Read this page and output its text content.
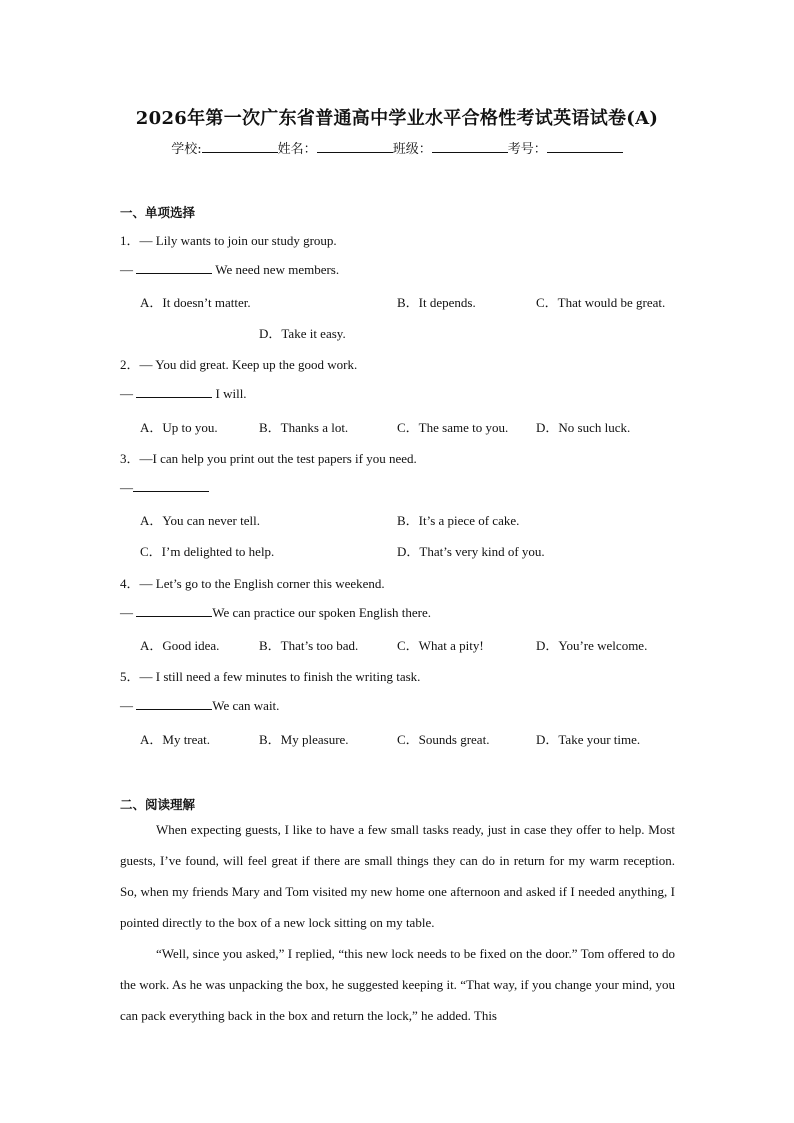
2026年第一次广东省普通高中学业水平合格性考试英语试卷(A)
学校:	姓名：	班级：	考号：
一、单项选择
1．— Lily wants to join our study group.
—	We need new members.
A．It doesn’t matter.	B．It depends.	C．That would be great.
D．Take it easy.
2．— You did great. Keep up the good work.
—	I will.
A．Up to you.	B．Thanks a lot.	C．The same to you. D．No such luck.
3．—I can help you print out the test papers if you need.
—
A．You can never tell.	B．It’s a piece of cake.
C．I’m delighted to help.	D．That’s very kind of you.
4．— Let’s go to the English corner this weekend.
—	We can practice our spoken English there.
A．Good idea.	B．That’s too bad.	C．What a pity!	D．You’re welcome.
5．— I still need a few minutes to finish the writing task.
—	We can wait.
A．My treat.	B．My pleasure.	C．Sounds great.	D．Take your time.
二、阅读理解
When expecting guests, I like to have a few small tasks ready, just in case they offer to help. Most guests, I’ve found, will feel great if there are small things they can do in return for my warm reception. So, when my friends Mary and Tom visited my new home one afternoon and asked if I needed anything, I pointed directly to the box of a new lock sitting on my table.
“Well, since you asked,” I replied, “this new lock needs to be fixed on the door.” Tom offered to do the work. As he was unpacking the box, he suggested keeping it. “That way, if you change your mind, you can pack everything back in the box and return the lock,” he added. This
